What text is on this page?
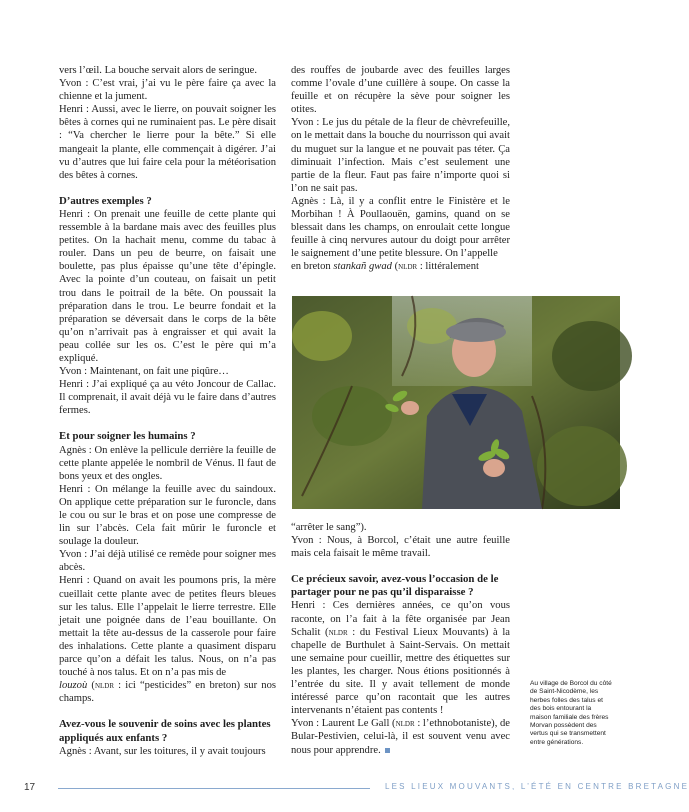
vers l’œil. La bouche servait alors de seringue.

Yvon : C’est vrai, j’ai vu le père faire ça avec la chienne et la jument.

Henri : Aussi, avec le lierre, on pouvait soigner les bêtes à cornes qui ne ruminaient pas. Le père disait : “Va chercher le lierre pour la bête.” Si elle mangeait la plante, elle commençait à digérer. J’ai vu d’autres que lui faire cela pour la météorisation des bêtes à cornes.

D’autres exemples ?

Henri : On prenait une feuille de cette plante qui ressemble à la bardane mais avec des feuilles plus petites. On la hachait menu, comme du tabac à rouler. Dans un peu de beurre, on faisait une boulette, pas plus épaisse qu’une tête d’épingle. Avec la pointe d’un couteau, on faisait un petit trou dans le poitrail de la bête. On poussait la préparation dans le trou. Le beurre fondait et la préparation se déversait dans le corps de la bête qu’on n’arrivait pas à engraisser et qui avait la peau collée sur les os. C’est le père qui m’a expliqué.

Yvon : Maintenant, on fait une piqûre…

Henri : J’ai expliqué ça au véto Joncour de Callac. Il comprenait, il avait déjà vu le faire dans d’autres fermes.

Et pour soigner les humains ?

Agnès : On enlève la pellicule derrière la feuille de cette plante appelée le nombril de Vénus. Il faut de bons yeux et des ongles.

Henri : On mélange la feuille avec du saindoux. On applique cette préparation sur le furoncle, dans le cou ou sur le bras et on pose une compresse de lin sur l’abcès. Cela fait mûrir le furoncle et soulage la douleur.

Yvon : J’ai déjà utilisé ce remède pour soigner mes abcès.

Henri : Quand on avait les poumons pris, la mère cueillait cette plante avec de petites fleurs bleues sur les talus. Elle l’appelait le lierre terrestre. Elle jetait une poignée dans de l’eau bouillante. On mettait la tête au-dessus de la casserole pour faire des inhalations. Cette plante a quasiment disparu parce qu’on a défait les talus. Nous, on n’a pas touché à nos talus. Et on n’a pas mis de

louzoù (nldr : ici “pesticides” en breton) sur nos champs.

Avez-vous le souvenir de soins avec les plantes appliqués aux enfants ?

Agnès : Avant, sur les toitures, il y avait toujours

des rouffes de joubarde avec des feuilles larges comme l’ovale d’une cuillère à soupe. On casse la feuille et on récupère la sève pour soigner les otites.

Yvon : Le jus du pétale de la fleur de chèvrefeuille, on le mettait dans la bouche du nourrisson qui avait du muguet sur la langue et ne pouvait pas téter. Ça diminuait l’infection. Mais c’est seulement une partie de la fleur. Faut pas faire n’importe quoi si l’on ne sait pas.

Agnès : Là, il y a conflit entre le Finistère et le Morbihan ! À Poullaouën, gamins, quand on se blessait dans les champs, on enroulait cette longue feuille à cinq nervures autour du doigt pour arrêter le saignement d’une petite blessure. On l’appelle

en breton stankañ gwad (nldr : littéralement

“arrêter le sang”).

Yvon : Nous, à Borcol, c’était une autre feuille mais cela faisait le même travail.

Ce précieux savoir, avez-vous l’occasion de le partager pour ne pas qu’il disparaisse ?

Henri : Ces dernières années, ce qu’on vous raconte, on l’a fait à la fête organisée par Jean Schalit (nldr : du Festival Lieux Mouvants) à la chapelle de Burthulet à Saint-Servais. On mettait une semaine pour cueillir, mettre des étiquettes sur les plantes, les charger. Nous étions positionnés à l’entrée du site. Il y avait tellement de monde intéressé parce qu’on racontait que les autres intervenants n’étaient pas contents !

Yvon : Laurent Le Gall (nldr : l’ethnobotaniste), de Bular-Pestivien, celui-là, il est souvent venu avec nous pour apprendre.

Au village de Borcol du côté de Saint-Nicodème, les herbes folles des talus et des bois entourant la maison familiale des frères Morvan possèdent des vertus qui se transmettent entre générations.
17	LES LIEUX MOUVANTS, L’ÉTÉ EN CENTRE BRETAGNE
